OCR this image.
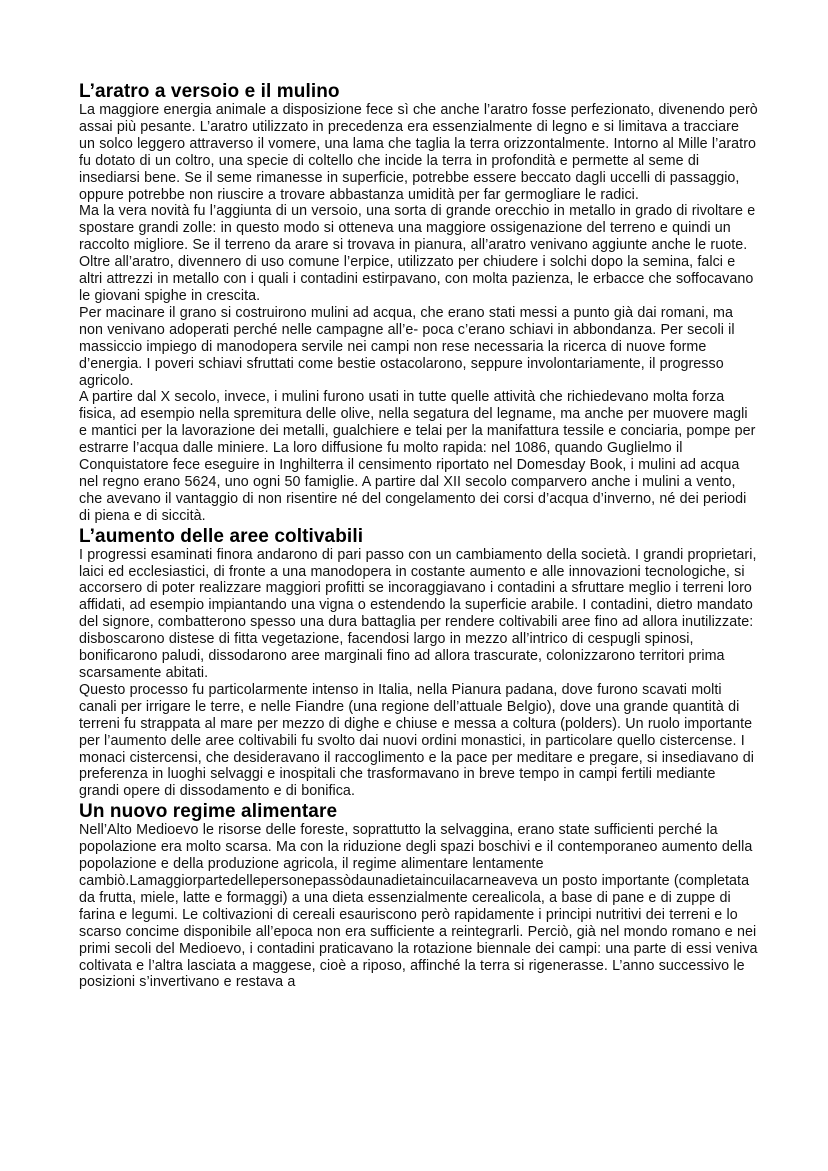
L’aratro a versoio e il mulino

La maggiore energia animale a disposizione fece sì che anche l’aratro fosse perfezionato, divenendo però assai più pesante. L’aratro utilizzato in precedenza era essenzialmente di legno e si limitava a tracciare un solco leggero attraverso il vomere, una lama che taglia la terra orizzontalmente. Intorno al Mille l’aratro fu dotato di un coltro, una specie di coltello che incide la terra in profondità e permette al seme di insediarsi bene. Se il seme rimanesse in superficie, potrebbe essere beccato dagli uccelli di passaggio, oppure potrebbe non riuscire a trovare abbastanza umidità per far germogliare le radici.

Ma la vera novità fu l’aggiunta di un versoio, una sorta di grande orecchio in metallo in grado di rivoltare e spostare grandi zolle: in questo modo si otteneva una maggiore ossigenazione del terreno e quindi un raccolto migliore. Se il terreno da arare si trovava in pianura, all’aratro venivano aggiunte anche le ruote.

Oltre all’aratro, divennero di uso comune l’erpice, utilizzato per chiudere i solchi dopo la semina, falci e altri attrezzi in metallo con i quali i contadini estirpavano, con molta pazienza, le erbacce che soffocavano le giovani spighe in crescita.

Per macinare il grano si costruirono mulini ad acqua, che erano stati messi a punto già dai romani, ma non venivano adoperati perché nelle campagne all’e- poca c’erano schiavi in abbondanza. Per secoli il massiccio impiego di manodopera servile nei campi non rese necessaria la ricerca di nuove forme d’energia. I poveri schiavi sfruttati come bestie ostacolarono, seppure involontariamente, il progresso agricolo.

A partire dal X secolo, invece, i mulini furono usati in tutte quelle attività che richiedevano molta forza fisica, ad esempio nella spremitura delle olive, nella segatura del legname, ma anche per muovere magli e mantici per la lavorazione dei metalli, gualchiere e telai per la manifattura tessile e conciaria, pompe per estrarre l’acqua dalle miniere. La loro diffusione fu molto rapida: nel 1086, quando Guglielmo il Conquistatore fece eseguire in Inghilterra il censimento riportato nel Domesday Book, i mulini ad acqua nel regno erano 5624, uno ogni 50 famiglie. A partire dal XII secolo comparvero anche i mulini a vento, che avevano il vantaggio di non risentire né del congelamento dei corsi d’acqua d’inverno, né dei periodi di piena e di siccità.

L’aumento delle aree coltivabili

I progressi esaminati finora andarono di pari passo con un cambiamento della società. I grandi proprietari, laici ed ecclesiastici, di fronte a una manodopera in costante aumento e alle innovazioni tecnologiche, si accorsero di poter realizzare maggiori profitti se incoraggiavano i contadini a sfruttare meglio i terreni loro affidati, ad esempio impiantando una vigna o estendendo la superficie arabile. I contadini, dietro mandato del signore, combatterono spesso una dura battaglia per rendere coltivabili aree fino ad allora inutilizzate: disboscarono distese di fitta vegetazione, facendosi largo in mezzo all’intrico di cespugli spinosi, bonificarono paludi, dissodarono aree marginali fino ad allora trascurate, colonizzarono territori prima scarsamente abitati.

Questo processo fu particolarmente intenso in Italia, nella Pianura padana, dove furono scavati molti canali per irrigare le terre, e nelle Fiandre (una regione dell’attuale Belgio), dove una grande quantità di terreni fu strappata al mare per mezzo di dighe e chiuse e messa a coltura (polders). Un ruolo importante per l’aumento delle aree coltivabili fu svolto dai nuovi ordini monastici, in particolare quello cistercense. I monaci cistercensi, che desideravano il raccoglimento e la pace per meditare e pregare, si insediavano di preferenza in luoghi selvaggi e inospitali che trasformavano in breve tempo in campi fertili mediante grandi opere di dissodamento e di bonifica.

Un nuovo regime alimentare

Nell’Alto Medioevo le risorse delle foreste, soprattutto la selvaggina, erano state sufficienti perché la popolazione era molto scarsa. Ma con la riduzione degli spazi boschivi e il contemporaneo aumento della popolazione e della produzione agricola, il regime alimentare lentamente cambiò.Lamaggiorpartedellepersonepassòdaunadietaincuilacarneaveva un posto importante (completata da frutta, miele, latte e formaggi) a una dieta essenzialmente cerealicola, a base di pane e di zuppe di farina e legumi. Le coltivazioni di cereali esauriscono però rapidamente i principi nutritivi dei terreni e lo scarso concime disponibile all’epoca non era sufficiente a reintegrarli. Perciò, già nel mondo romano e nei primi secoli del Medioevo, i contadini praticavano la rotazione biennale dei campi: una parte di essi veniva coltivata e l’altra lasciata a maggese, cioè a riposo, affinché la terra si rigenerasse. L’anno successivo le posizioni s’invertivano e restava a
